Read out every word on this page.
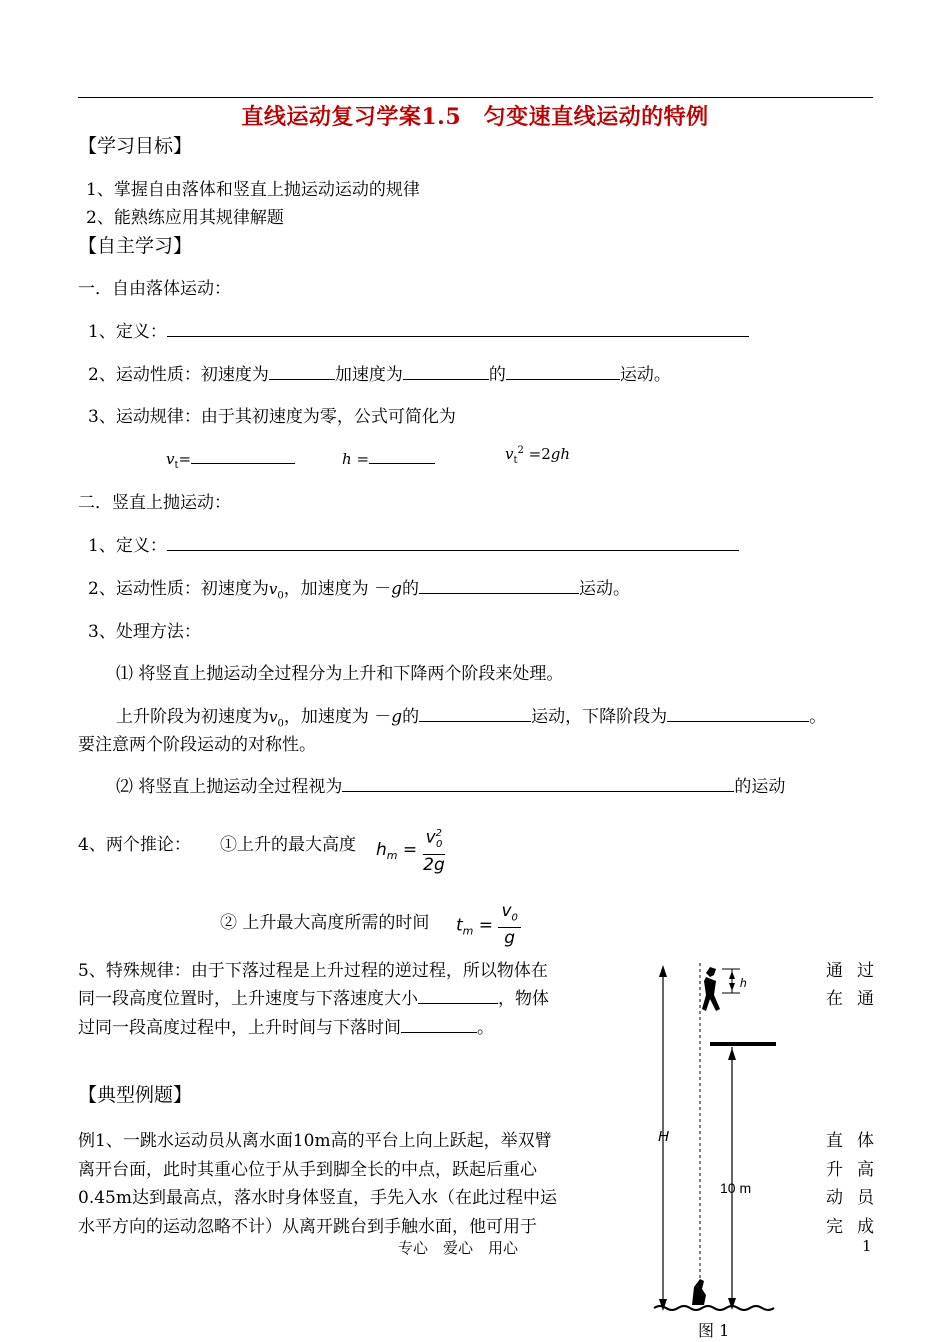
直线运动复习学案1.5　匀变速直线运动的特例
【学习目标】
1、掌握自由落体和竖直上抛运动运动的规律
2、能熟练应用其规律解题
【自主学习】
一．自由落体运动：
1、定义：
2、运动性质：初速度为	加速度为	的	运动。
3、运动规律：由于其初速度为零，公式可简化为
$v_t=$	h =	$v_t^2 =2gh$
二．竖直上抛运动：
1、定义：
2、运动性质：初速度为$v_0$，加速度为 －g的	运动。
3、处理方法：
⑴ 将竖直上抛运动全过程分为上升和下降两个阶段来处理。
上升阶段为初速度为$v_0$，加速度为 －g的	运动，下降阶段为	。
要注意两个阶段运动的对称性。
⑵ 将竖直上抛运动全过程视为	的运动
4、两个推论： ①上升的最大高度 $h_m = \frac{v^2_0}{2g}$
② 上升最大高度所需的时间 $t_m = \frac{v_0}{g}$
5、特殊规律：由于下落过程是上升过程的逆过程，所以物体在	通过
同一段高度位置时，上升速度与下落速度大小	，物体	在通
过同一段高度过程中，上升时间与下落时间	。
【典型例题】
例1、一跳水运动员从离水面10m高的平台上向上跃起，举双臂	直体
离开台面，此时其重心位于从手到脚全长的中点，跃起后重心	升高
0.45m达到最高点，落水时身体竖直，手先入水（在此过程中运	动员
水平方向的运动忽略不计）从离开跳台到手触水面，他可用于	完成
H
h
10 m
图 1
专心　爱心　用心	1
